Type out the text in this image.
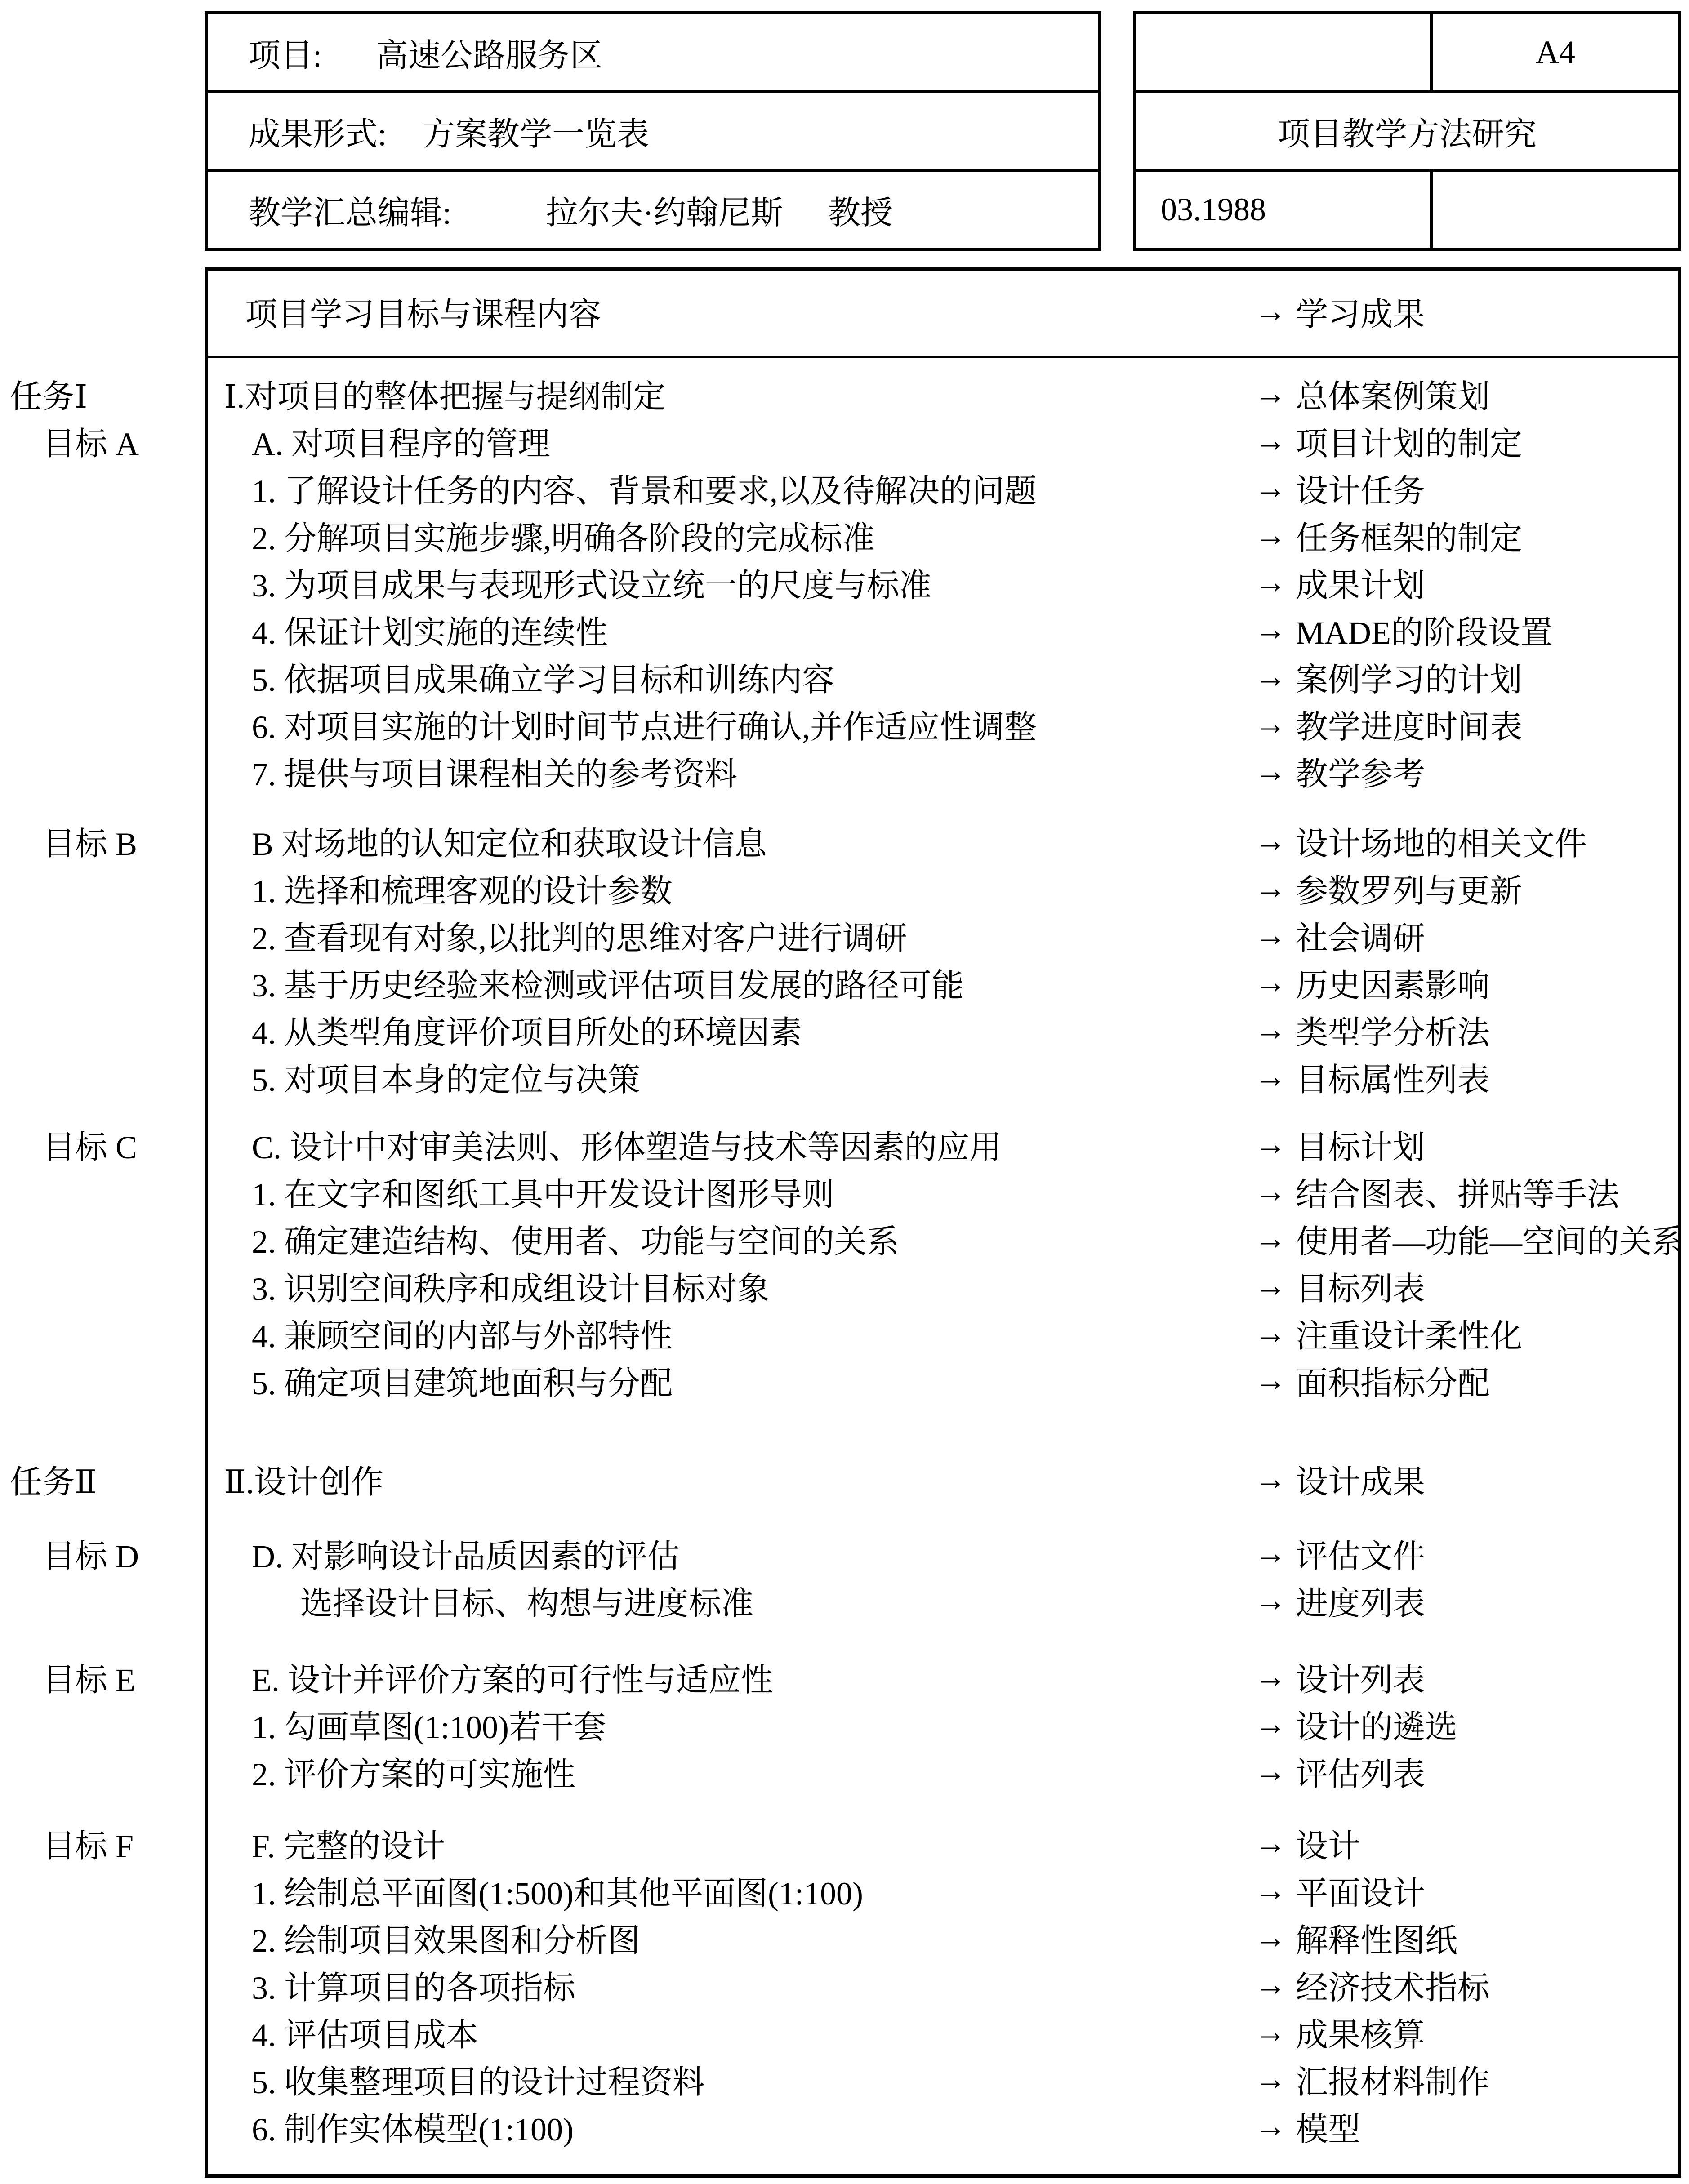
项目: 高速公路服务区
成果形式: 方案教学一览表
教学汇总编辑:	拉尔夫·约翰尼斯 教授
A4
项目教学方法研究
03.1988
项目学习目标与课程内容	→ 学习成果
任务Ⅰ	Ⅰ.对项目的整体把握与提纲制定	→ 总体案例策划
目标 A	A. 对项目程序的管理	→ 项目计划的制定
1. 了解设计任务的内容、背景和要求,以及待解决的问题	→ 设计任务
2. 分解项目实施步骤,明确各阶段的完成标准	→ 任务框架的制定
3. 为项目成果与表现形式设立统一的尺度与标准	→ 成果计划
4. 保证计划实施的连续性	→ MADE的阶段设置
5. 依据项目成果确立学习目标和训练内容	→ 案例学习的计划
6. 对项目实施的计划时间节点进行确认,并作适应性调整	→ 教学进度时间表
7. 提供与项目课程相关的参考资料	→ 教学参考
目标 B	B 对场地的认知定位和获取设计信息	→ 设计场地的相关文件
1. 选择和梳理客观的设计参数	→ 参数罗列与更新
2. 查看现有对象,以批判的思维对客户进行调研	→ 社会调研
3. 基于历史经验来检测或评估项目发展的路径可能	→ 历史因素影响
4. 从类型角度评价项目所处的环境因素	→ 类型学分析法
5. 对项目本身的定位与决策	→ 目标属性列表
目标 C	C. 设计中对审美法则、形体塑造与技术等因素的应用	→ 目标计划
1. 在文字和图纸工具中开发设计图形导则	→ 结合图表、拼贴等手法
2. 确定建造结构、使用者、功能与空间的关系	→ 使用者—功能—空间的关系
3. 识别空间秩序和成组设计目标对象	→ 目标列表
4. 兼顾空间的内部与外部特性	→ 注重设计柔性化
5. 确定项目建筑地面积与分配	→ 面积指标分配
任务Ⅱ	Ⅱ.设计创作	→ 设计成果
目标 D	D. 对影响设计品质因素的评估	→ 评估文件
选择设计目标、构想与进度标准	→ 进度列表
目标 E	E. 设计并评价方案的可行性与适应性	→ 设计列表
1. 勾画草图(1:100)若干套	→ 设计的遴选
2. 评价方案的可实施性	→ 评估列表
目标 F	F. 完整的设计	→ 设计
1. 绘制总平面图(1:500)和其他平面图(1:100)	→ 平面设计
2. 绘制项目效果图和分析图	→ 解释性图纸
3. 计算项目的各项指标	→ 经济技术指标
4. 评估项目成本	→ 成果核算
5. 收集整理项目的设计过程资料	→ 汇报材料制作
6. 制作实体模型(1:100)	→ 模型
